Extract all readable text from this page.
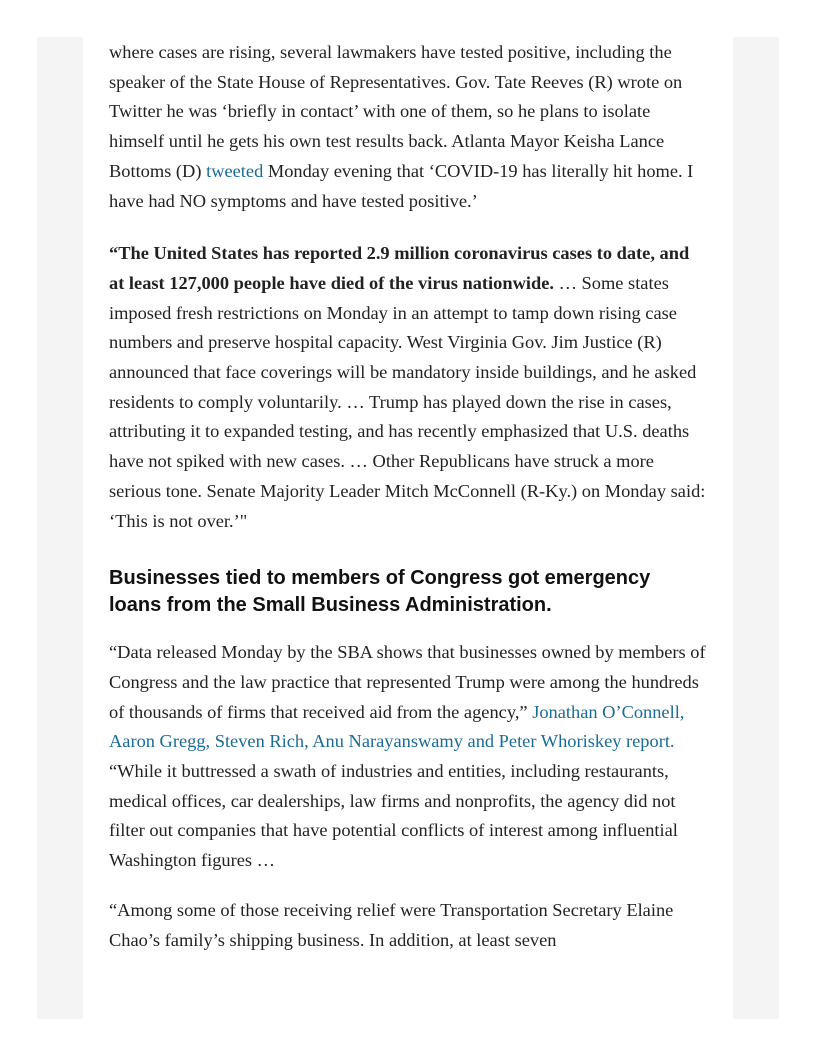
where cases are rising, several lawmakers have tested positive, including the speaker of the State House of Representatives. Gov. Tate Reeves (R) wrote on Twitter he was ‘briefly in contact’ with one of them, so he plans to isolate himself until he gets his own test results back. Atlanta Mayor Keisha Lance Bottoms (D) tweeted Monday evening that ‘COVID-19 has literally hit home. I have had NO symptoms and have tested positive.’

“The United States has reported 2.9 million coronavirus cases to date, and at least 127,000 people have died of the virus nationwide. … Some states imposed fresh restrictions on Monday in an attempt to tamp down rising case numbers and preserve hospital capacity. West Virginia Gov. Jim Justice (R) announced that face coverings will be mandatory inside buildings, and he asked residents to comply voluntarily. … Trump has played down the rise in cases, attributing it to expanded testing, and has recently emphasized that U.S. deaths have not spiked with new cases. … Other Republicans have struck a more serious tone. Senate Majority Leader Mitch McConnell (R-Ky.) on Monday said: ‘This is not over.’"

Businesses tied to members of Congress got emergency loans from the Small Business Administration.

“Data released Monday by the SBA shows that businesses owned by members of Congress and the law practice that represented Trump were among the hundreds of thousands of firms that received aid from the agency,” Jonathan O’Connell, Aaron Gregg, Steven Rich, Anu Narayanswamy and Peter Whoriskey report. “While it buttressed a swath of industries and entities, including restaurants, medical offices, car dealerships, law firms and nonprofits, the agency did not filter out companies that have potential conflicts of interest among influential Washington figures …

“Among some of those receiving relief were Transportation Secretary Elaine Chao’s family’s shipping business. In addition, at least seven
